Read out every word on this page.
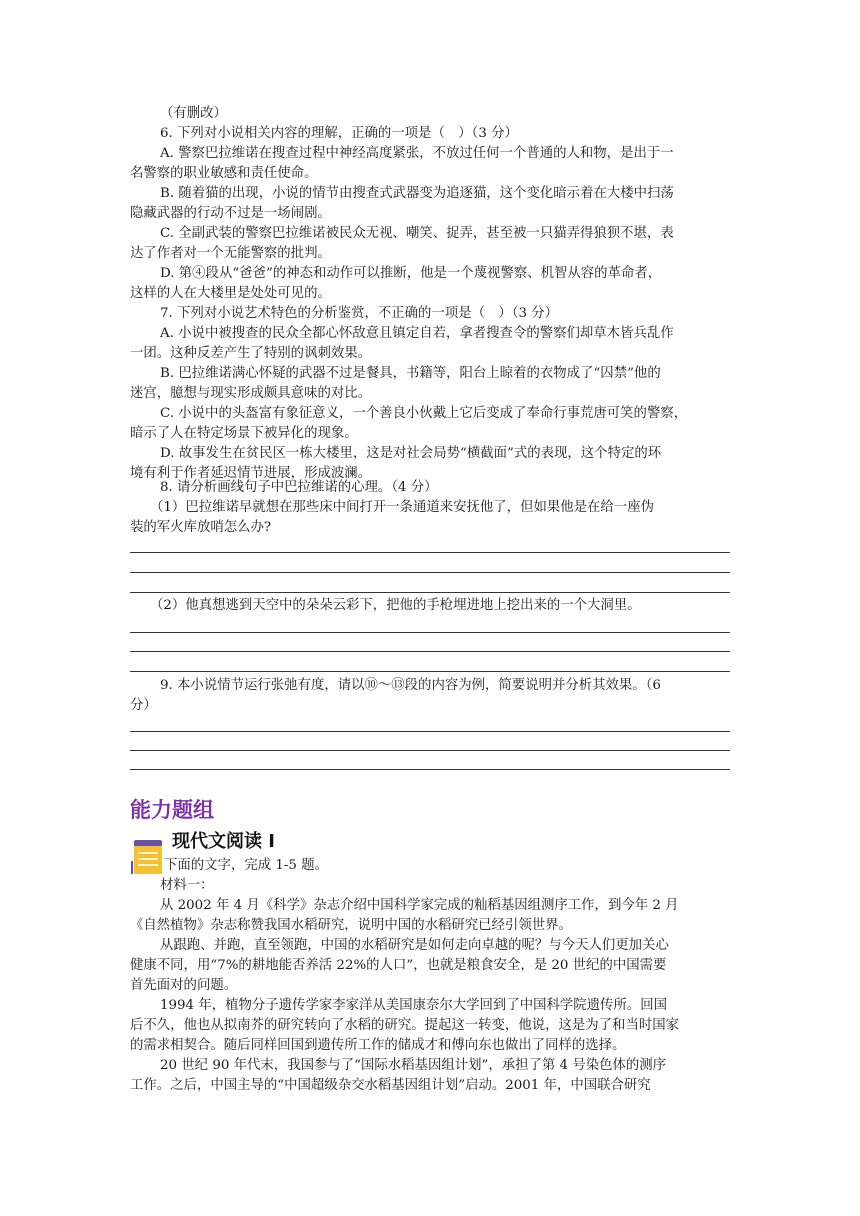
（有删改）
6. 下列对小说相关内容的理解，正确的一项是（　）（3 分）
A. 警察巴拉维诺在搜查过程中神经高度紧张，不放过任何一个普通的人和物，是出于一
名警察的职业敏感和责任使命。
B. 随着猫的出现，小说的情节由搜查式武器变为追逐猫，这个变化暗示着在大楼中扫荡
隐藏武器的行动不过是一场闹剧。
C. 全副武装的警察巴拉维诺被民众无视、嘲笑、捉弄，甚至被一只猫弄得狼狈不堪，表
达了作者对一个无能警察的批判。
D. 第④段从“爸爸”的神态和动作可以推断，他是一个蔑视警察、机智从容的革命者，
这样的人在大楼里是处处可见的。
7. 下列对小说艺术特色的分析鉴赏，不正确的一项是（　）（3 分）
A. 小说中被搜查的民众全都心怀敌意且镇定自若，拿者搜查令的警察们却草木皆兵乱作
一团。这种反差产生了特别的讽刺效果。
B. 巴拉维诺满心怀疑的武器不过是餐具，书籍等，阳台上晾着的衣物成了“囚禁”他的
迷宫，臆想与现实形成颇具意味的对比。
C. 小说中的头盔富有象征意义，一个善良小伙戴上它后变成了奉命行事荒唐可笑的警察，
暗示了人在特定场景下被异化的现象。
D. 故事发生在贫民区一栋大楼里，这是对社会局势“横截面”式的表现，这个特定的环
境有利于作者延迟情节进展，形成波澜。
8. 请分析画线句子中巴拉维诺的心理。（4 分）
（1）巴拉维诺早就想在那些床中间打开一条通道来安抚他了，但如果他是在给一座伪
装的军火库放哨怎么办?
（2）他真想逃到天空中的朵朵云彩下，把他的手枪埋进地上挖出来的一个大洞里。
9. 本小说情节运行张弛有度，请以⑩～⑬段的内容为例，简要说明并分析其效果。（6
分）
能力题组
现代文阅读 I
下面的文字，完成 1-5 题。
材料一：
从 2002 年 4 月《科学》杂志介绍中国科学家完成的籼稻基因组测序工作，到今年 2 月
《自然植物》杂志称赞我国水稻研究，说明中国的水稻研究已经引领世界。
从跟跑、并跑，直至领跑，中国的水稻研究是如何走向卓越的呢？与今天人们更加关心
健康不同，用“7%的耕地能否养活 22%的人口”，也就是粮食安全，是 20 世纪的中国需要
首先面对的问题。
1994 年，植物分子遗传学家李家洋从美国康奈尔大学回到了中国科学院遗传所。回国
后不久，他也从拟南芥的研究转向了水稻的研究。提起这一转变，他说，这是为了和当时国家
的需求相契合。随后同样回国到遗传所工作的储成才和傅向东也做出了同样的选择。
20 世纪 90 年代末，我国参与了“国际水稻基因组计划”，承担了第 4 号染色体的测序
工作。之后，中国主导的“中国超级杂交水稻基因组计划”启动。2001 年，中国联合研究
